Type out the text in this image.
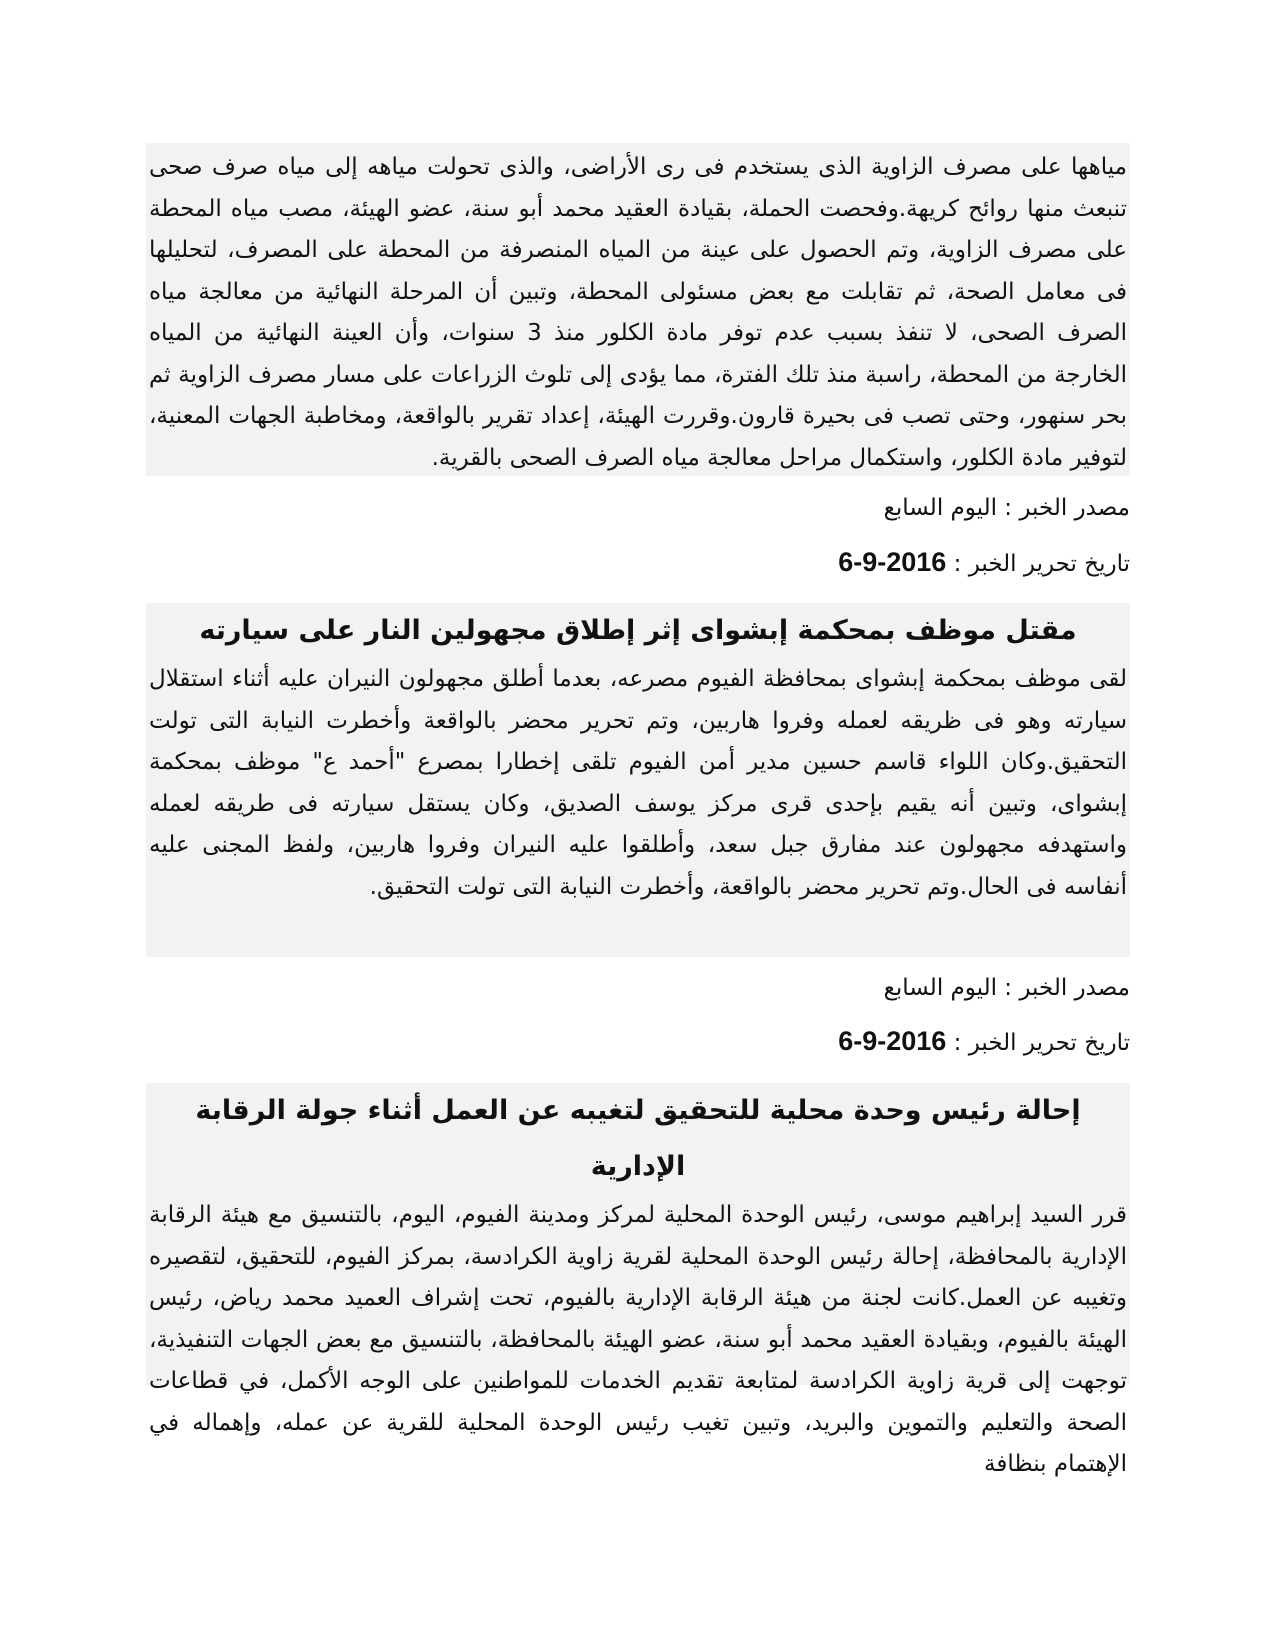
مياهها على مصرف الزاوية الذى يستخدم فى رى الأراضى، والذى تحولت مياهه إلى مياه صرف صحى تنبعث منها روائح كريهة.وفحصت الحملة، بقيادة العقيد محمد أبو سنة، عضو الهيئة، مصب مياه المحطة على مصرف الزاوية، وتم الحصول على عينة من المياه المنصرفة من المحطة على المصرف، لتحليلها فى معامل الصحة، ثم تقابلت مع بعض مسئولى المحطة، وتبين أن المرحلة النهائية من معالجة مياه الصرف الصحى، لا تنفذ بسبب عدم توفر مادة الكلور منذ 3 سنوات، وأن العينة النهائية من المياه الخارجة من المحطة، راسبة منذ تلك الفترة، مما يؤدى إلى تلوث الزراعات على مسار مصرف الزاوية ثم بحر سنهور، وحتى تصب فى بحيرة قارون.وقررت الهيئة، إعداد تقرير بالواقعة، ومخاطبة الجهات المعنية، لتوفير مادة الكلور، واستكمال مراحل معالجة مياه الصرف الصحى بالقرية.

مصدر الخبر : اليوم السابع
تاريخ تحرير الخبر : 6-9-2016
مقتل موظف بمحكمة إبشواى إثر إطلاق مجهولين النار على سيارته

لقى موظف بمحكمة إبشواى بمحافظة الفيوم مصرعه، بعدما أطلق مجهولون النيران عليه أثناء استقلال سيارته وهو فى ظريقه لعمله وفروا هاربين، وتم تحرير محضر بالواقعة وأخطرت النيابة التى تولت التحقيق.وكان اللواء قاسم حسين مدير أمن الفيوم تلقى إخطارا بمصرع "أحمد ع" موظف بمحكمة إبشواى، وتبين أنه يقيم بإحدى قرى مركز يوسف الصديق، وكان يستقل سيارته فى طريقه لعمله واستهدفه مجهولون عند مفارق جبل سعد، وأطلقوا عليه النيران وفروا هاربين، ولفظ المجنى عليه أنفاسه فى الحال.وتم تحرير محضر بالواقعة، وأخطرت النيابة التى تولت التحقيق.

مصدر الخبر : اليوم السابع
تاريخ تحرير الخبر : 6-9-2016
إحالة رئيس وحدة محلية للتحقيق لتغيبه عن العمل أثناء جولة الرقابة الإدارية

قرر السيد إبراهيم موسى، رئيس الوحدة المحلية لمركز ومدينة الفيوم، اليوم، بالتنسيق مع هيئة الرقابة الإدارية بالمحافظة، إحالة رئيس الوحدة المحلية لقرية زاوية الكرادسة، بمركز الفيوم، للتحقيق، لتقصيره وتغيبه عن العمل.كانت لجنة من هيئة الرقابة الإدارية بالفيوم، تحت إشراف العميد محمد رياض، رئيس الهيئة بالفيوم، وبقيادة العقيد محمد أبو سنة، عضو الهيئة بالمحافظة، بالتنسيق مع بعض الجهات التنفيذية، توجهت إلى قرية زاوية الكرادسة لمتابعة تقديم الخدمات للمواطنين على الوجه الأكمل، في قطاعات الصحة والتعليم والتموين والبريد، وتبين تغيب رئيس الوحدة المحلية للقرية عن عمله، وإهماله في الإهتمام بنظافة
